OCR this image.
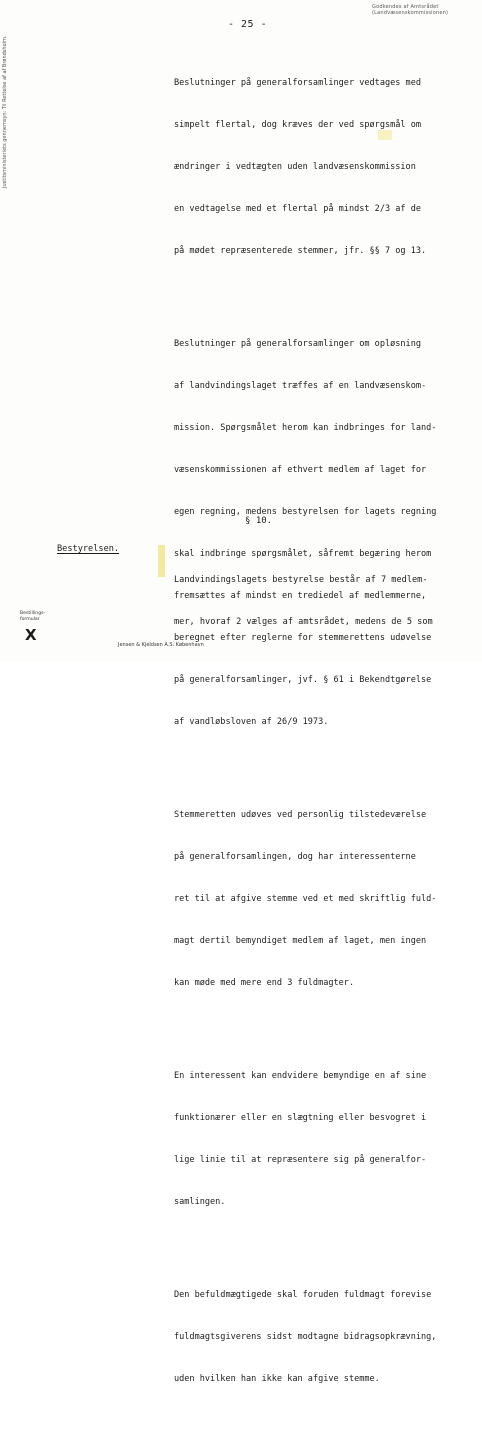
Godkendes af Amtsrådet (Landvæsenskommissionen)
Justitsministeriets gennemsyn: Til Rettelse af af Brøndsholm.
- 25 -

Beslutninger på generalforsamlinger vedtages med

simpelt flertal, dog kræves der ved spørgsmål om

ændringer i vedtægten uden landvæsenskommission

en vedtagelse med et flertal på mindst 2/3 af de

på mødet repræsenterede stemmer, jfr. §§ 7 og 13.

Beslutninger på generalforsamlinger om opløsning

af landvindingslaget træffes af en landvæsenskom-

mission. Spørgsmålet herom kan indbringes for land-

væsenskommissionen af ethvert medlem af laget for

egen regning, medens bestyrelsen for lagets regning

skal indbringe spørgsmålet, såfremt begæring herom

fremsættes af mindst en trediedel af medlemmerne,

beregnet efter reglerne for stemmerettens udøvelse

på generalforsamlinger, jvf. § 61 i Bekendtgørelse

af vandløbsloven af 26/9 1973.

Stemmeretten udøves ved personlig tilstedeværelse

på generalforsamlingen, dog har interessenterne

ret til at afgive stemme ved et med skriftlig fuld-

magt dertil bemyndiget medlem af laget, men ingen

kan møde med mere end 3 fuldmagter.

En interessent kan endvidere bemyndige en af sine

funktionærer eller en slægtning eller besvogret i

lige linie til at repræsentere sig på generalfor-

samlingen.

Den befuldmægtigede skal foruden fuldmagt forevise

fuldmagtsgiverens sidst modtagne bidragsopkrævning,

uden hvilken han ikke kan afgive stemme.

§ 10.
Bestyrelsen.

Landvindingslagets bestyrelse består af 7 medlem-

mer, hvoraf 2 vælges af amtsrådet, medens de 5 som

Bestillings-
formular
X
Jensen & Kjeldsen A.S. København
